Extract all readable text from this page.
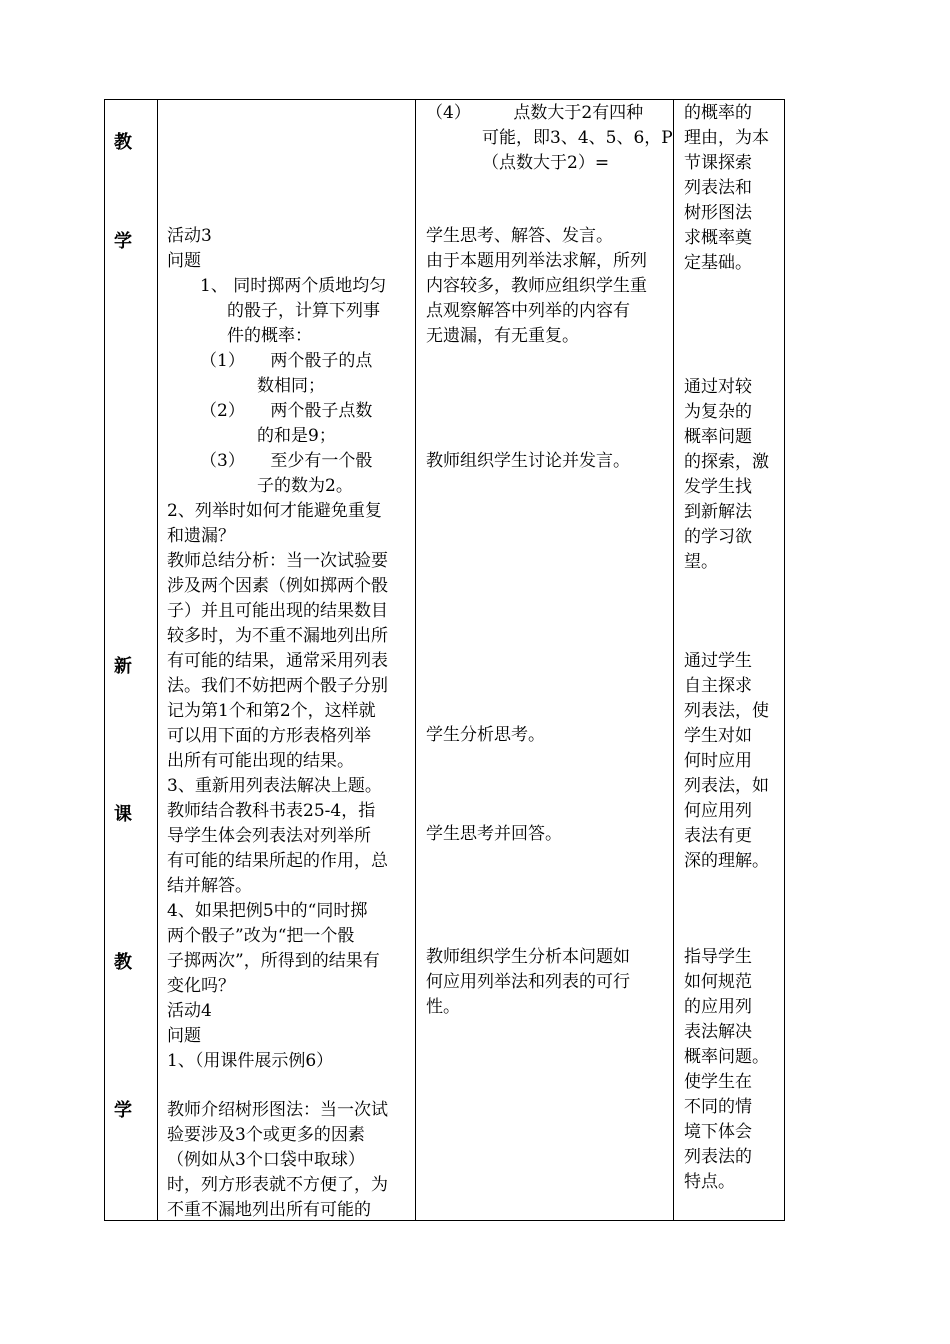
教
学
新
课
教
学
活动3
问题
1、 同时掷两个质地均匀
的骰子，计算下列事
件的概率：
（1）　　两个骰子的点
数相同；
（2）　　两个骰子点数
的和是9；
（3）　　至少有一个骰
子的数为2。
2、列举时如何才能避免重复
和遗漏？
教师总结分析：当一次试验要
涉及两个因素（例如掷两个骰
子）并且可能出现的结果数目
较多时，为不重不漏地列出所
有可能的结果，通常采用列表
法。我们不妨把两个骰子分别
记为第1个和第2个，这样就
可以用下面的方形表格列举
出所有可能出现的结果。
3、重新用列表法解决上题。
教师结合教科书表25-4，指
导学生体会列表法对列举所
有可能的结果所起的作用，总
结并解答。
4、如果把例5中的“同时掷
两个骰子”改为“把一个骰
子掷两次”，所得到的结果有
变化吗？
活动4
问题
1、（用课件展示例6）
教师介绍树形图法：当一次试
验要涉及3个或更多的因素
（例如从3个口袋中取球）
时，列方形表就不方便了，为
不重不漏地列出所有可能的
（4）　　　点数大于2有四种
可能，即3、4、5、6，P
（点数大于2）=
学生思考、解答、发言。
由于本题用列举法求解，所列
内容较多，教师应组织学生重
点观察解答中列举的内容有
无遗漏，有无重复。
教师组织学生讨论并发言。
学生分析思考。
学生思考并回答。
教师组织学生分析本问题如
何应用列举法和列表的可行
性。
的概率的
理由，为本
节课探索
列表法和
树形图法
求概率奠
定基础。
通过对较
为复杂的
概率问题
的探索，激
发学生找
到新解法
的学习欲
望。
通过学生
自主探求
列表法，使
学生对如
何时应用
列表法，如
何应用列
表法有更
深的理解。
指导学生
如何规范
的应用列
表法解决
概率问题。
使学生在
不同的情
境下体会
列表法的
特点。
